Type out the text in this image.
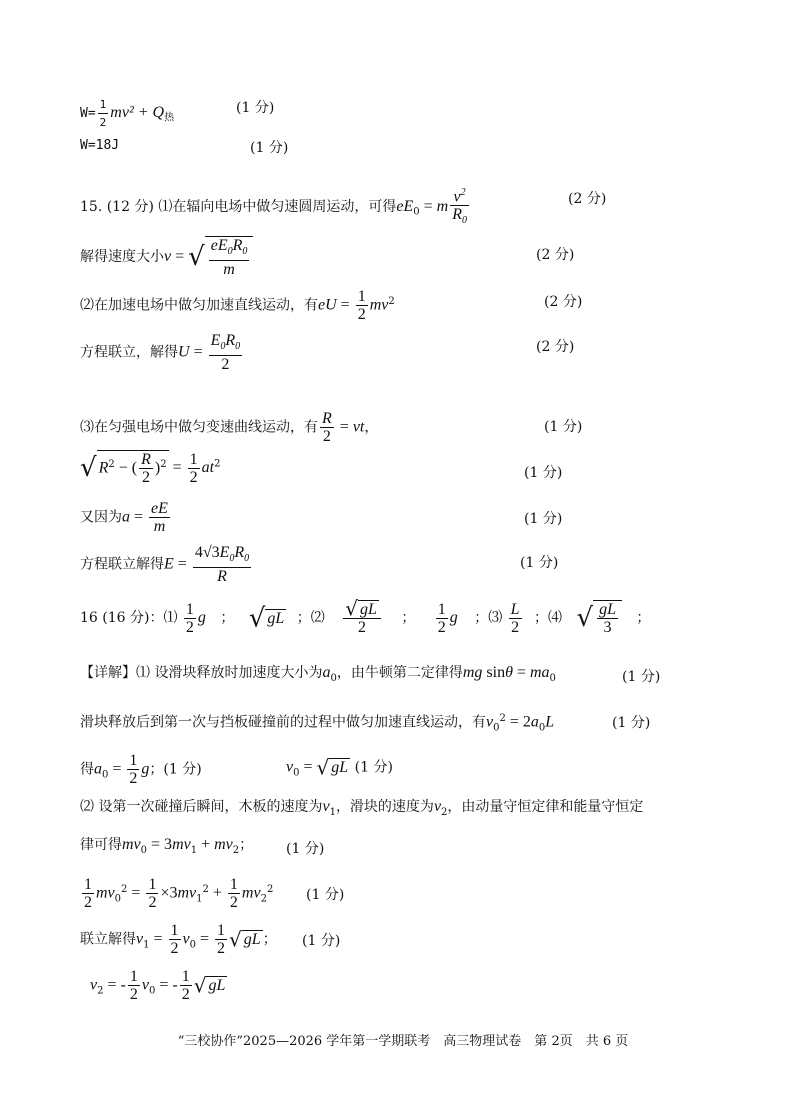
$W= \frac{1}{2} mv^2 + Q_热$
(1 分)
W=18J	(1 分)
15. (12 分) ⑴在辐向电场中做匀速圆周运动，可得$eE_0 = m \frac{v^2}{R_0}$	(2 分)
解得速度大小v = √ $\frac{eE_0R_0}{m}$	(2 分)
⑵在加速电场中做匀加速直线运动，有eU = $\frac{1}{2} mv^2$	(2 分)
方程联立，解得$U = \frac{E_0R_0}{2}$	(2 分)
⑶在匀强电场中做匀变速曲线运动，有 $\frac{R}{2}$ = vt，	(1 分)
√ $R^2$ − ( $\frac{R}{2} )^2 = \frac{1}{2} at^2$
(1 分)
又因为$a = \frac{eE}{m}$	(1 分)
方程联立解得$E = \frac{4√3E_0R_0}{R}$	(1 分)
16 (16 分)：⑴ $\frac{1}{2}$ g ； √ gL ；⑵ $\frac{√ gL}{2}$ ； $\frac{1}{2}$ g ；⑶ $\frac{L}{2}$ ；⑷ √ $\frac{gL}{3}$ ；
【详解】⑴ 设滑块释放时加速度大小为$a_0$，由牛顿第二定律得mg $\sin\theta = ma_0$	(1 分)
滑块释放后到第一次与挡板碰撞前的过程中做匀加速直线运动，有$v_0^2 = 2a_0L$	(1 分)
得$a_0 = \frac{1}{2}$ g；(1 分)	$v_0$ = √ gL (1 分)
⑵ 设第一次碰撞后瞬间，木板的速度为$v_1$，滑块的速度为$v_2$，由动量守恒定律和能量守恒定
律可得$mv_0 = 3mv_1 + mv_2$； (1 分)
$\frac{1}{2} mv_0^2 = \frac{1}{2} \times 3mv_1^2 + \frac{1}{2} mv_2^2$ (1 分)
联立解得$v_1 = \frac{1}{2} v_0 = \frac{1}{2}$ √ gL ； (1 分)
$v_2$ = - $\frac{1}{2} v_0$ = - $\frac{1}{2}$ √ gL
“三校协作”2025—2026 学年第一学期联考　高三物理试卷　第 2页　共 6 页
